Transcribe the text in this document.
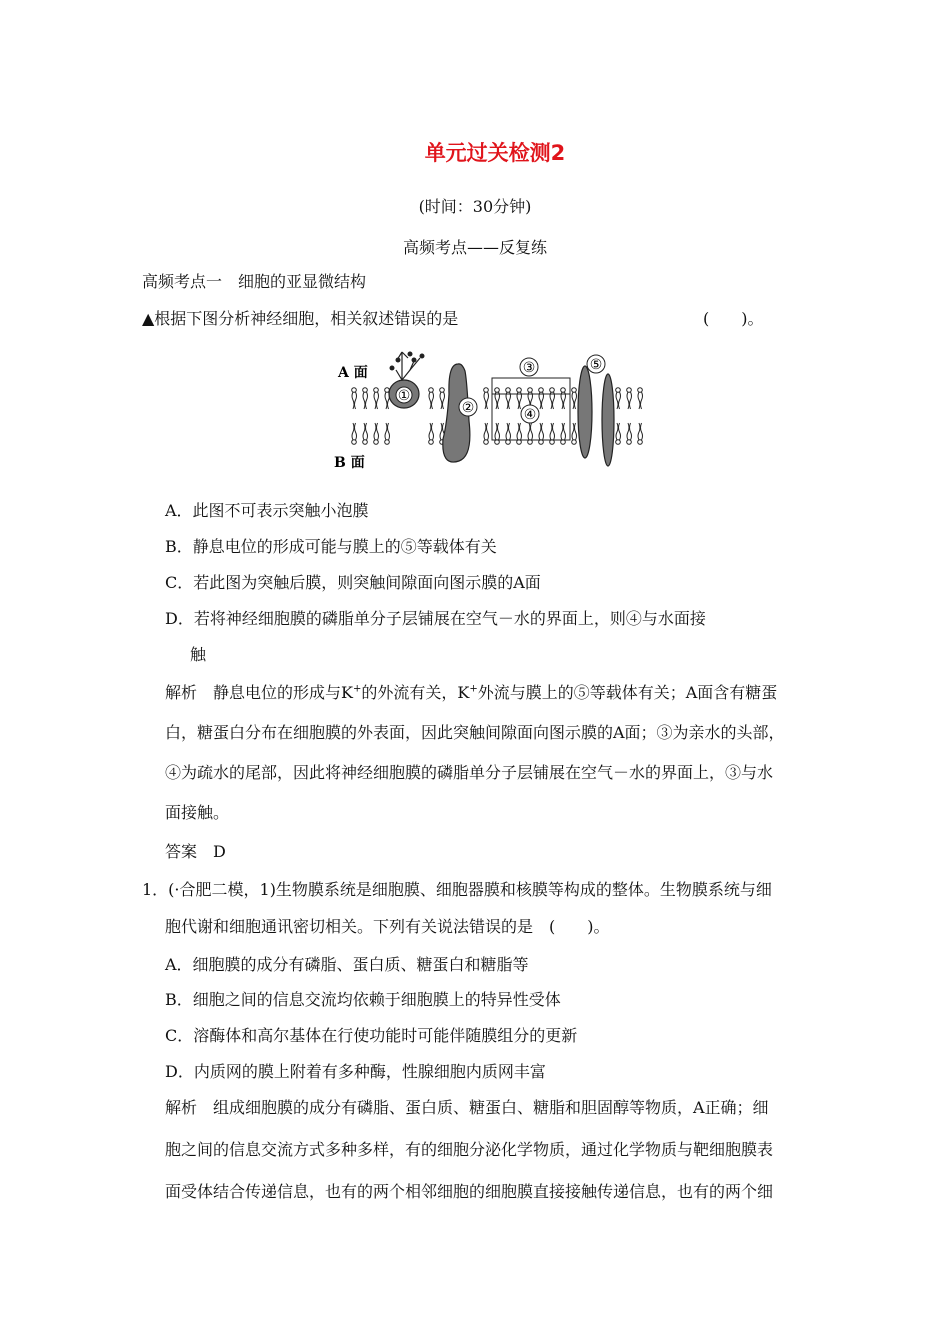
单元过关检测2
(时间：30分钟)
高频考点——反复练
高频考点一　细胞的亚显微结构
▲根据下图分析神经细胞，相关叙述错误的是	(　　)。
①
②
③
④
⑤
A 面
B 面
A．此图不可表示突触小泡膜
B．静息电位的形成可能与膜上的⑤等载体有关
C．若此图为突触后膜，则突触间隙面向图示膜的A面
D．若将神经细胞膜的磷脂单分子层铺展在空气－水的界面上，则④与水面接
触
解析　静息电位的形成与K+的外流有关，K+外流与膜上的⑤等载体有关；A面含有糖蛋
白，糖蛋白分布在细胞膜的外表面，因此突触间隙面向图示膜的A面；③为亲水的头部，
④为疏水的尾部，因此将神经细胞膜的磷脂单分子层铺展在空气－水的界面上，③与水
面接触。
答案　D
1．(·合肥二模，1)生物膜系统是细胞膜、细胞器膜和核膜等构成的整体。生物膜系统与细
胞代谢和细胞通讯密切相关。下列有关说法错误的是　(　　)。
A．细胞膜的成分有磷脂、蛋白质、糖蛋白和糖脂等
B．细胞之间的信息交流均依赖于细胞膜上的特异性受体
C．溶酶体和高尔基体在行使功能时可能伴随膜组分的更新
D．内质网的膜上附着有多种酶，性腺细胞内质网丰富
解析　组成细胞膜的成分有磷脂、蛋白质、糖蛋白、糖脂和胆固醇等物质，A正确；细
胞之间的信息交流方式多种多样，有的细胞分泌化学物质，通过化学物质与靶细胞膜表
面受体结合传递信息，也有的两个相邻细胞的细胞膜直接接触传递信息，也有的两个细
